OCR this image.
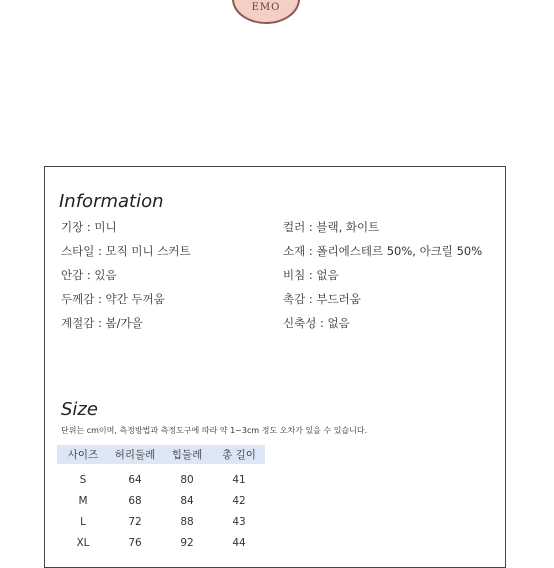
EMO
Information
기장 : 미니
스타일 : 모직 미니 스커트
안감 : 있음
두께감 : 약간 두꺼움
계절감 : 봄/가을
컬러 : 블랙, 화이트
소재 : 폴리에스테르 50%, 아크릴 50%
비침 : 없음
촉감 : 부드러움
신축성 : 없음
Size
단위는 cm이며, 측정방법과 측정도구에 따라 약 1~3cm 정도 오차가 있을 수 있습니다.
사이즈	허리둘레	힙둘레	총 길이
S	64	80	41
M	68	84	42
L	72	88	43
XL	76	92	44
